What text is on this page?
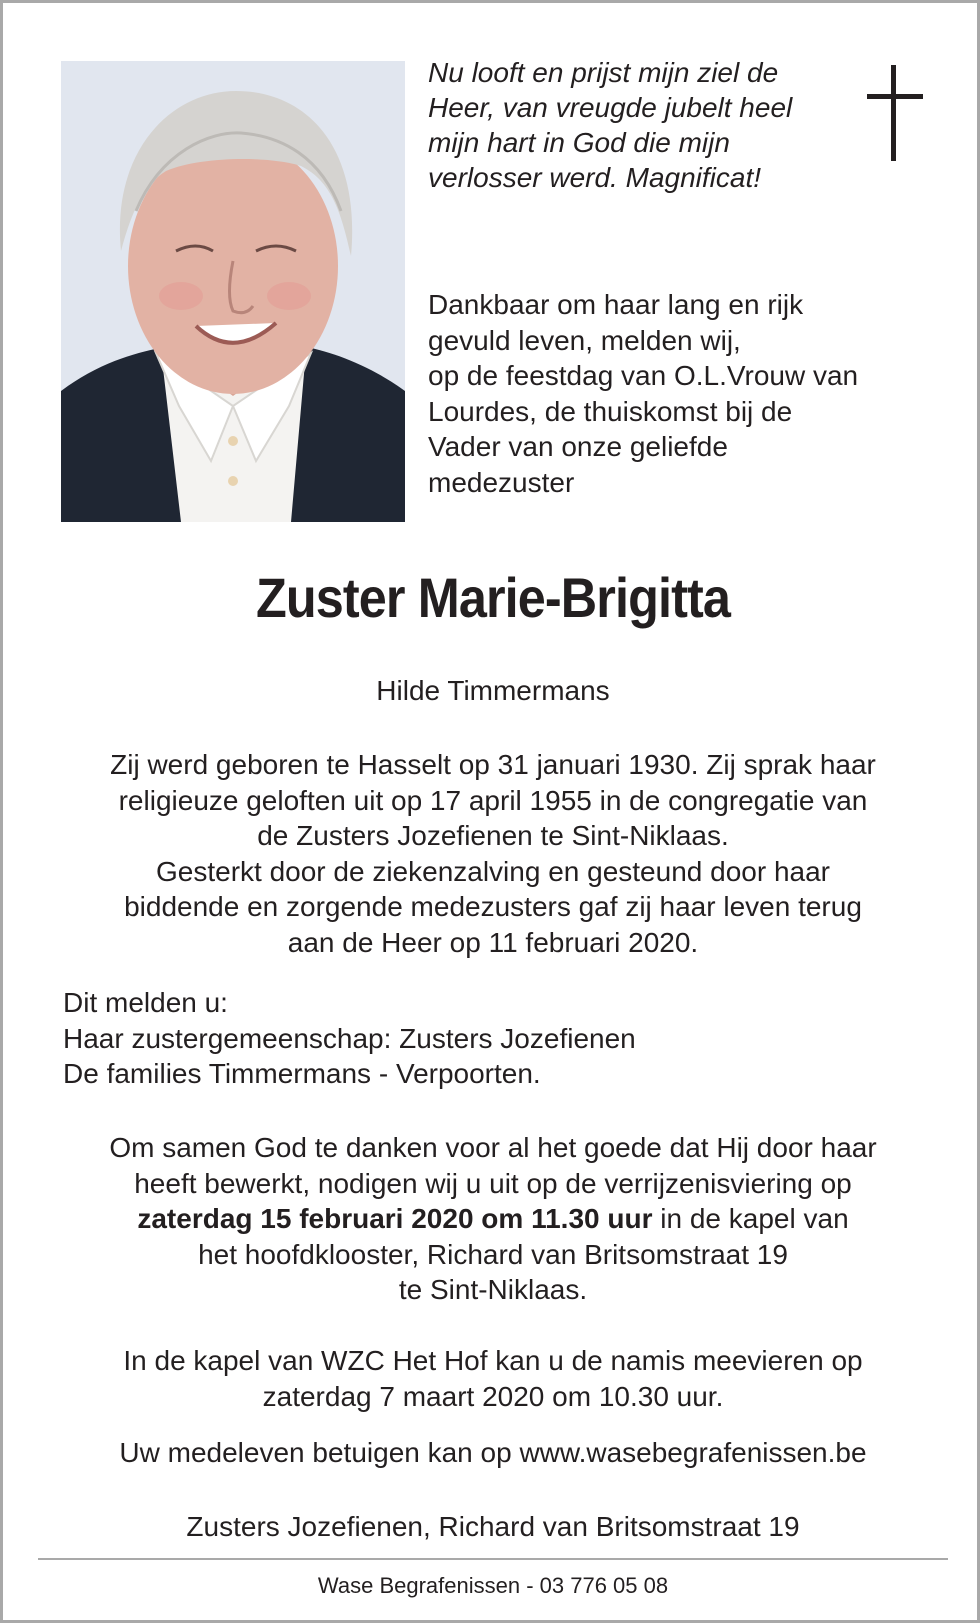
Nu looft en prijst mijn ziel de
Heer, van vreugde jubelt heel
mijn hart in God die mijn
verlosser werd. Magnificat!

Dankbaar om haar lang en rijk
gevuld leven, melden wij,
op de feestdag van O.L.Vrouw van
Lourdes, de thuiskomst bij de
Vader van onze geliefde
medezuster

Zuster Marie-Brigitta

Hilde Timmermans

Zij werd geboren te Hasselt op 31 januari 1930. Zij sprak haar
religieuze geloften uit op 17 april 1955 in de congregatie van
de Zusters Jozefienen te Sint-Niklaas.
Gesterkt door de ziekenzalving en gesteund door haar
biddende en zorgende medezusters gaf zij haar leven terug
aan de Heer op 11 februari 2020.

Dit melden u:
Haar zustergemeenschap: Zusters Jozefienen
De families Timmermans - Verpoorten.

Om samen God te danken voor al het goede dat Hij door haar
heeft bewerkt, nodigen wij u uit op de verrijzenisviering op
zaterdag 15 februari 2020 om 11.30 uur in de kapel van
het hoofdklooster, Richard van Britsomstraat 19
te Sint-Niklaas.

In de kapel van WZC Het Hof kan u de namis meevieren op
zaterdag 7 maart 2020 om 10.30 uur.

Uw medeleven betuigen kan op www.wasebegrafenissen.be

Zusters Jozefienen, Richard van Britsomstraat 19

Wase Begrafenissen - 03 776 05 08
